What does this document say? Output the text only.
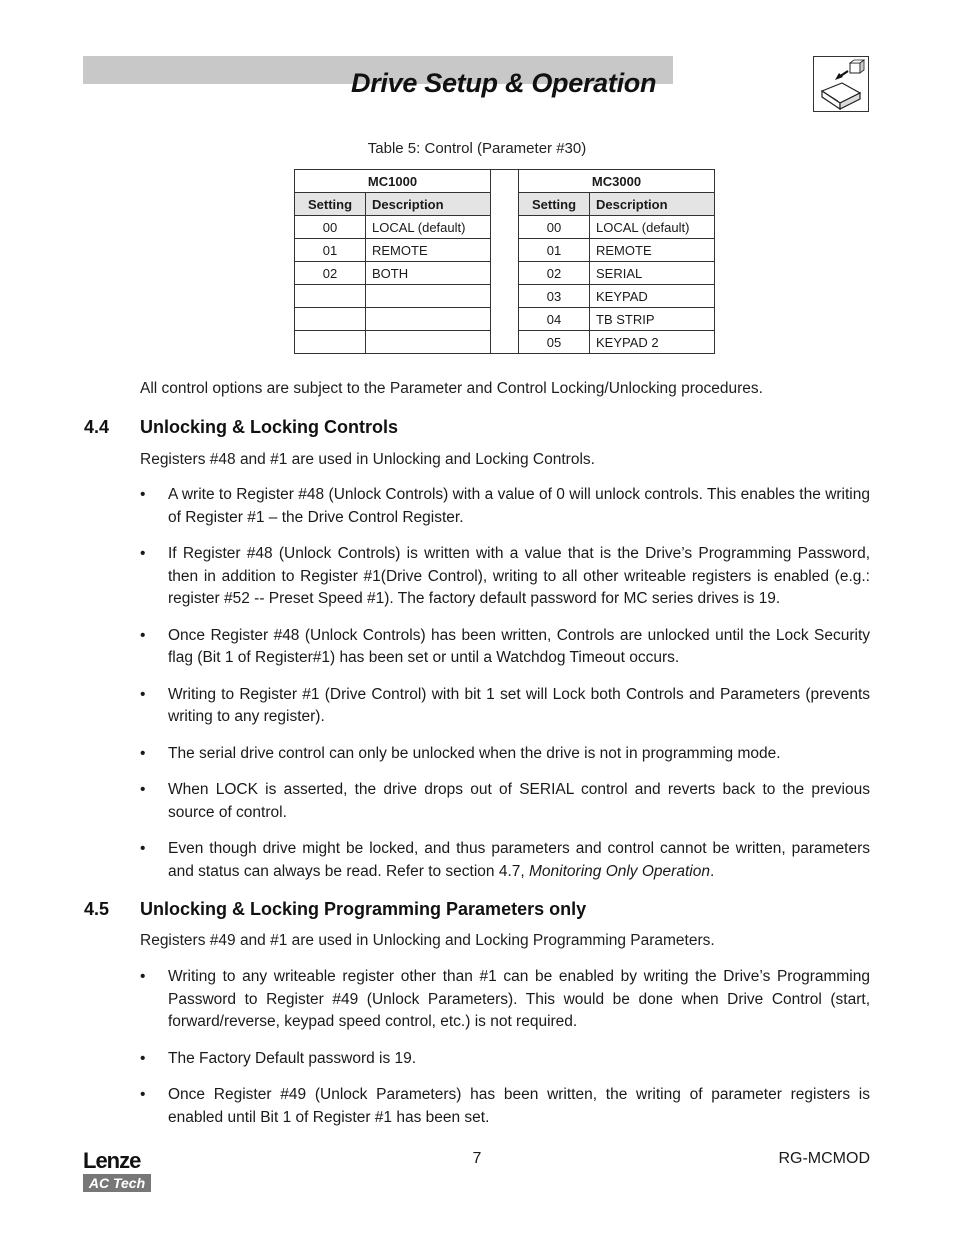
Drive Setup & Operation
Table 5: Control (Parameter #30)
MC1000			MC3000	
Setting	Description		Setting	Description
00	LOCAL (default)		00	LOCAL (default)
01	REMOTE		01	REMOTE
02	BOTH		02	SERIAL
			03	KEYPAD
			04	TB STRIP
			05	KEYPAD 2
All control options are subject to the Parameter and Control Locking/Unlocking procedures.
4.4 Unlocking & Locking Controls
Registers #48 and #1 are used in Unlocking and Locking Controls.
• A write to Register #48 (Unlock Controls) with a value of 0 will unlock controls. This enables the writing of Register #1 – the Drive Control Register.
• If Register #48 (Unlock Controls) is written with a value that is the Drive’s Programming Password, then in addition to Register #1(Drive Control), writing to all other writeable registers is enabled (e.g.: register #52 -- Preset Speed #1). The factory default password for MC series drives is 19.
• Once Register #48 (Unlock Controls) has been written, Controls are unlocked until the Lock Security flag (Bit 1 of Register#1) has been set or until a Watchdog Timeout occurs.
• Writing to Register #1 (Drive Control) with bit 1 set will Lock both Controls and Parameters (prevents writing to any register).
• The serial drive control can only be unlocked when the drive is not in programming mode.
• When LOCK is asserted, the drive drops out of SERIAL control and reverts back to the previous source of control.
• Even though drive might be locked, and thus parameters and control cannot be written, parameters and status can always be read. Refer to section 4.7, Monitoring Only Operation.
4.5 Unlocking & Locking Programming Parameters only
Registers #49 and #1 are used in Unlocking and Locking Programming Parameters.
• Writing to any writeable register other than #1 can be enabled by writing the Drive’s Programming Password to Register #49 (Unlock Parameters). This would be done when Drive Control (start, forward/reverse, keypad speed control, etc.) is not required.
• The Factory Default password is 19.
• Once Register #49 (Unlock Parameters) has been written, the writing of parameter registers is enabled until Bit 1 of Register #1 has been set.
Lenze
AC Tech
7	RG-MCMOD
